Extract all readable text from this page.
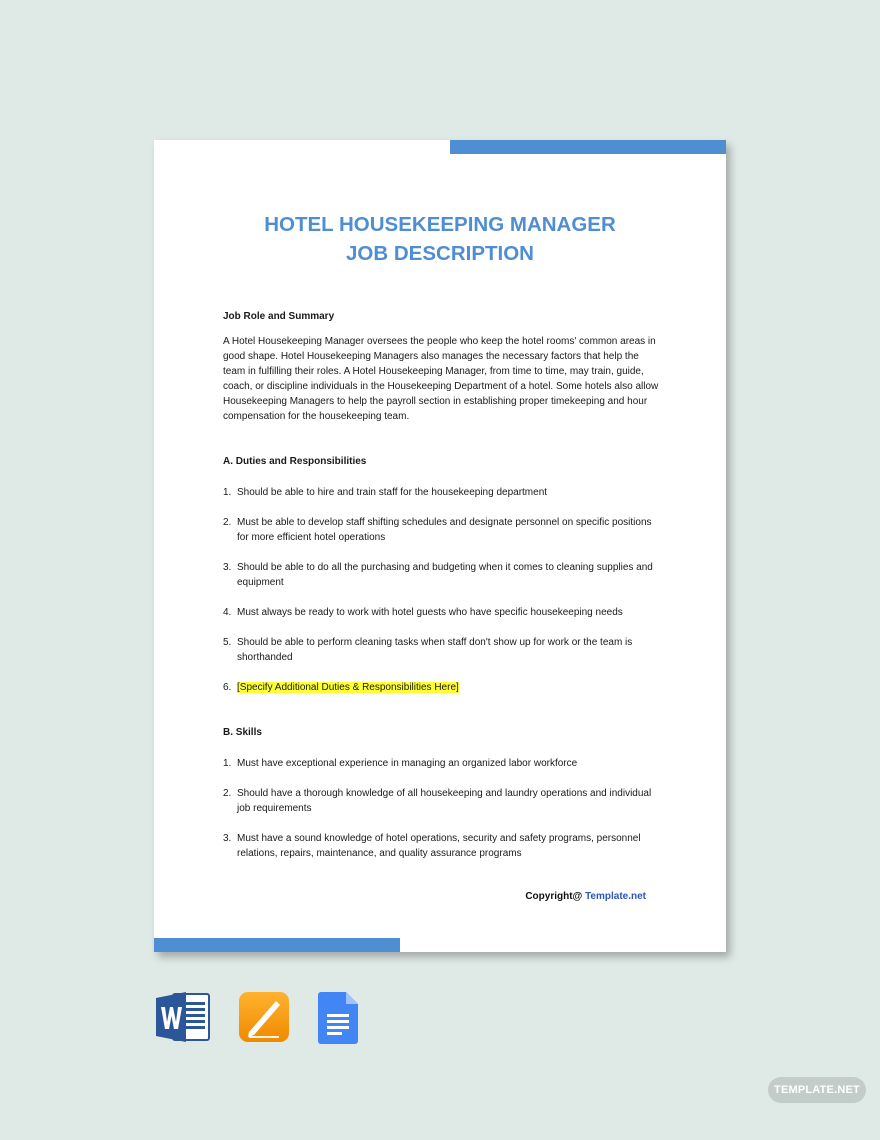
HOTEL HOUSEKEEPING MANAGER
JOB DESCRIPTION

Job Role and Summary

A Hotel Housekeeping Manager oversees the people who keep the hotel rooms' common areas in good shape. Hotel Housekeeping Managers also manages the necessary factors that help the team in fulfilling their roles. A Hotel Housekeeping Manager, from time to time, may train, guide, coach, or discipline individuals in the Housekeeping Department of a hotel. Some hotels also allow Housekeeping Managers to help the payroll section in establishing proper timekeeping and hour compensation for the housekeeping team.

A. Duties and Responsibilities

1. Should be able to hire and train staff for the housekeeping department
2. Must be able to develop staff shifting schedules and designate personnel on specific positions for more efficient hotel operations
3. Should be able to do all the purchasing and budgeting when it comes to cleaning supplies and equipment
4. Must always be ready to work with hotel guests who have specific housekeeping needs
5. Should be able to perform cleaning tasks when staff don't show up for work or the team is shorthanded
6. [Specify Additional Duties & Responsibilities Here]

B. Skills

1. Must have exceptional experience in managing an organized labor workforce
2. Should have a thorough knowledge of all housekeeping and laundry operations and individual job requirements
3. Must have a sound knowledge of hotel operations, security and safety programs, personnel relations, repairs, maintenance, and quality assurance programs
Copyright@ Template.net
TEMPLATE.NET
